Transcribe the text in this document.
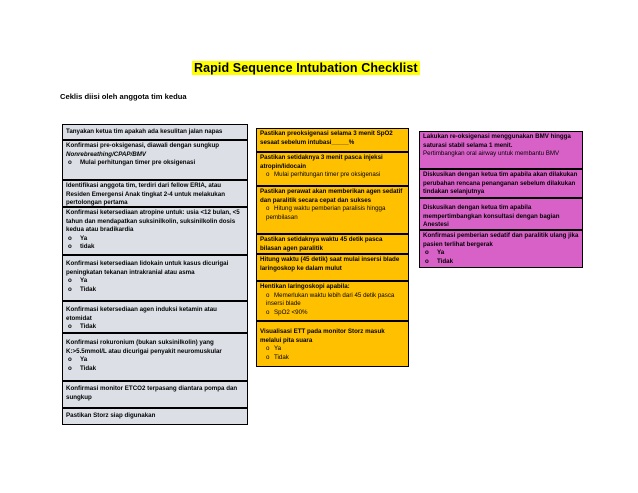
Rapid Sequence Intubation Checklist
Ceklis diisi oleh anggota tim kedua
Tanyakan ketua tim apakah ada kesulitan jalan napas
Konfirmasi pre-oksigenasi, diawali dengan sungkup
Nonrebreathing/CPAP/BMV
o Mulai perhitungan timer pre oksigenasi
Identifikasi anggota tim, terdiri dari fellow ERIA, atau Residen Emergensi Anak tingkat 2-4 untuk melakukan pertolongan pertama
Konfirmasi ketersediaan atropine untuk: usia <12 bulan, <5 tahun dan mendapatkan suksinilkolin, suksinilkolin dosis kedua atau bradikardia
o Ya
o tidak
Konfirmasi ketersediaan lidokain untuk kasus dicurigai peningkatan tekanan intrakranial atau asma
o Ya
o Tidak
Konfirmasi ketersediaan agen induksi ketamin atau etomidat
o Tidak
Konfirmasi rokuronium (bukan suksinilkolin) yang K:>5.5mmol/L atau dicurigai penyakit neuromuskular
o Ya
o Tidak
Konfirmasi monitor ETCO2 terpasang diantara pompa dan sungkup
Pastikan Storz siap digunakan
Pastikan preoksigenasi selama 3 menit SpO2 sesaat sebelum intubasi_____%
Pastikan setidaknya 3 menit pasca injeksi atropin/lidocain
o Mulai perhitungan timer pre oksigenasi
Pastikan perawat akan memberikan agen sedatif dan paralitik secara cepat dan sukses
o Hitung waktu pemberian paralisis hingga pembilasan
Pastikan setidaknya waktu 45 detik pasca bilasan agen paralitik
Hitung waktu (45 detik) saat mulai insersi blade laringoskop ke dalam mulut
Hentikan laringoskopi apabila:
o Memerlukan waktu lebih dari 45 detik pasca insersi blade
o SpO2 <90%
Visualisasi ETT pada monitor Storz masuk melalui pita suara
o Ya
o Tidak
Lakukan re-oksigenasi menggunakan BMV hingga saturasi stabil selama 1 menit.
Pertimbangkan oral airway untuk membantu BMV
Diskusikan dengan ketua tim apabila akan dilakukan perubahan rencana penanganan sebelum dilakukan tindakan selanjutnya
Diskusikan dengan ketua tim apabila mempertimbangkan konsultasi dengan bagian Anestesi
Konfirmasi pemberian sedatif dan paralitik ulang jika pasien terlihat bergerak
o Ya
o Tidak
